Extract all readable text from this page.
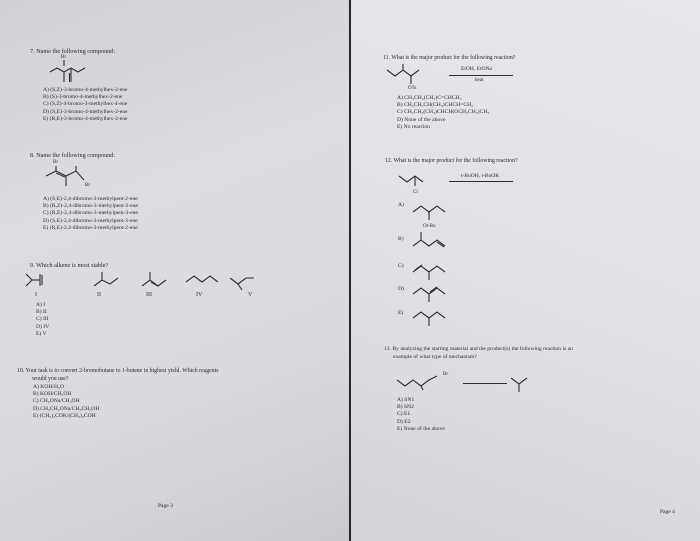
7. Name the following compound:
Br
A) (S,Z)-3-bromo-4-methylhex-2-ene
B) (S)-3-bromo-4-methylhex-2-ene
C) (S,Z)-4-bromo-3-methylhex-4-ene
D) (S,E)-3-bromo-4-methylhex-2-ene
E) (R,E)-3-bromo-4-methylhex-2-ene
8. Name the following compound:
Br
Br
A) (S,E)-2,4-dibromo-3-methylpent-2-ene
B) (R,Z)-2,4-dibromo-3-methylpent-2-ene
C) (R,E)-2,4-dibromo-3-methylpent-3-ene
D) (S,E)-2,4-dibromo-3-methylpent-3-ene
E) (R,E)-2,4-dibromo-3-methylpent-2-ene
9. Which alkene is most stable?
I	II	III	IV	V
A) I
B) II
C) III
D) IV
E) V
10. Your task is to convert 2-bromobutane to 1-butene in highest yield. Which reagents
would you use?
A) KOH/H₂O
B) KOH/CH₃OH
C) CH₃ONa/CH₃OH
D) CH₃CH₂ONa/CH₃CH₂OH
E) (CH₃)₃COK/(CH₃)₃COH
Page 3
11. What is the major product for the following reaction?
EtOH, EtONa
heat
OTs
A) CH₃CH₂(CH₃)C=CHCH₃
B) CH₃CH₂CH(CH₃)CHCH=CH₂
C) CH₃CH₂(CH₃)CHCH(OCH₂CH₃)CH₃
D) None of the above
E) No reaction
12. What is the major product for the following reaction?
t-BuOH, t-BuOK
Cl
A)
Ot-Bu
B)
C)
D)
E)
13. By analyzing the starting material and the product(s) the following reaction is an
example of what type of mechanism?
Br
A) SN1
B) SN2
C) E1
D) E2
E) None of the above
Page 4
